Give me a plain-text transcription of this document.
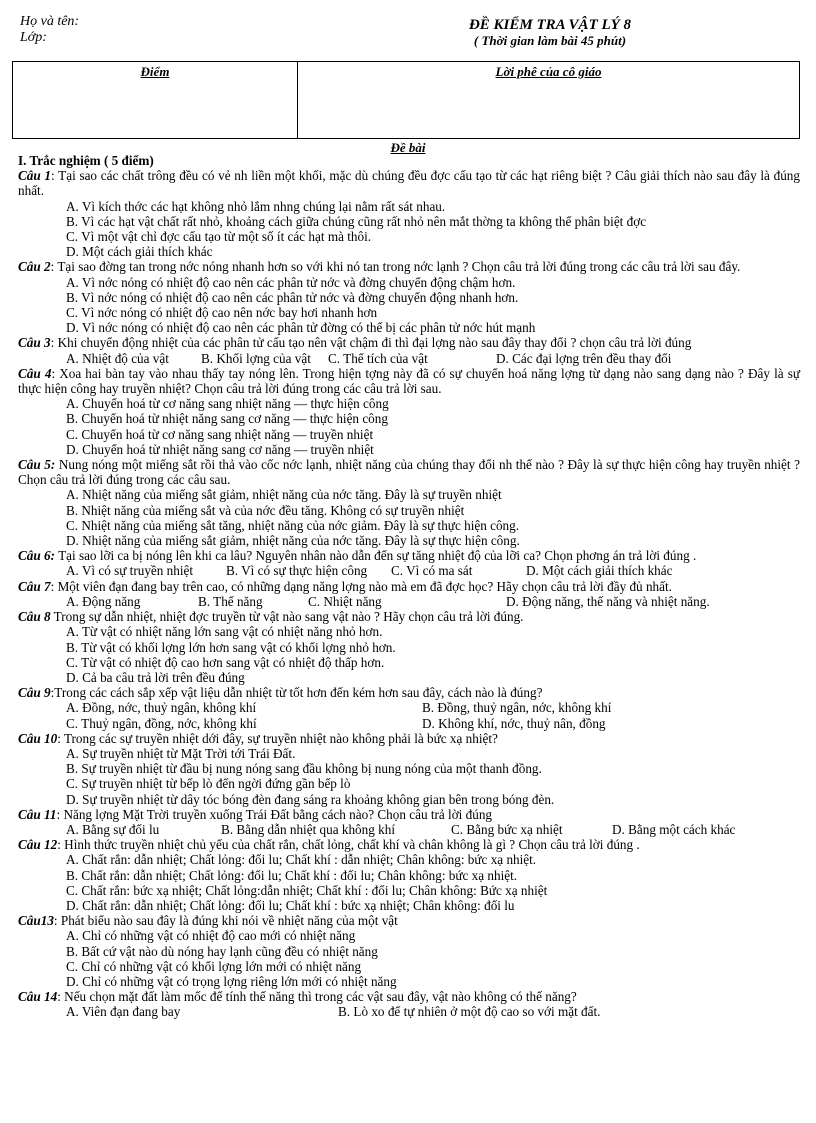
Họ và tên:
Lớp:
ĐỀ KIỂM TRA VẬT LÝ 8
( Thời gian làm bài 45 phút)
Điểm	Lời phê của cô giáo
Đề bài
I. Trắc nghiệm ( 5 điểm)
Câu 1: Tại sao các chất trông đều có vẻ nh liền một khối, mặc dù chúng đều đợc cấu tạo từ các hạt riêng biệt ? Câu giải thích nào sau đây là đúng nhất.
A. Vì kích thớc các hạt không nhỏ lắm nhng chúng lại nằm rất sát nhau.
B. Vì các hạt vật chất rất nhỏ, khoảng cách giữa chúng cũng rất nhỏ nên mắt thờng ta không thể phân biệt đợc
C. Vì một vật chỉ đợc cấu tạo từ một số ít các hạt mà thôi.
D. Một cách giải thích khác
Câu 2: Tại sao đờng tan trong nớc nóng nhanh hơn so với khi nó tan trong nớc lạnh ? Chọn câu trả lời đúng trong các câu trả lời sau đây.
A. Vì nớc nóng có nhiệt độ cao nên các phân tử nớc và đờng chuyển động chậm hơn.
B. Vì nớc nóng có nhiệt độ cao nên các phân tử nớc và đờng chuyển động nhanh hơn.
C. Vì nớc nóng có nhiệt độ cao nên nớc bay hơi nhanh hơn
D. Vì nớc nóng có nhiệt độ cao nên các phân tử đờng có thể bị các phân tử nớc hút mạnh
Câu 3: Khi chuyển động nhiệt của các phân tử cấu tạo nên vật chậm đi thì đại lợng nào sau đây thay đổi ? chọn câu trả lời đúng
A. Nhiệt độ của vật	B. Khối lợng của vật	C. Thể tích của vật	D. Các đại lợng trên đều thay đổi
Câu 4: Xoa hai bàn tay vào nhau thấy tay nóng lên. Trong hiện tợng này đã có sự chuyển hoá năng lợng từ dạng nào sang dạng nào ? Đây là sự thực hiện công hay truyền nhiệt? Chọn câu trả lời đúng trong các câu trả lời sau.
A. Chuyển hoá từ cơ năng sang nhiệt năng — thực hiện công
B. Chuyển hoá từ nhiệt năng sang cơ năng — thực hiện công
C. Chuyển hoá từ cơ năng sang nhiệt năng — truyền nhiệt
D. Chuyển hoá từ nhiệt năng sang cơ năng — truyền nhiệt
Câu 5: Nung nóng một miếng sắt rồi thả vào cốc nớc lạnh, nhiệt năng của chúng thay đổi nh thế nào ? Đây là sự thực hiện công hay truyền nhiệt ? Chọn câu trả lời đúng trong các câu sau.
A. Nhiệt năng của miếng sắt giảm, nhiệt năng của nớc tăng. Đây là sự truyền nhiệt
B. Nhiệt năng của miếng sắt và của nớc đều tăng. Không có sự truyền nhiệt
C. Nhiệt năng của miếng sắt tăng, nhiệt năng của nớc giảm. Đây là sự thực hiện công.
D. Nhiệt năng của miếng sắt giảm, nhiệt năng của nớc tăng. Đây là sự thực hiện công.
Câu 6: Tại sao lỡi ca bị nóng lên khi ca lâu? Nguyên nhân nào dẫn đến sự tăng nhiệt độ của lỡi ca? Chọn phơng án trả lời đúng .
A. Vì có sự truyền nhiệt	B. Vì có sự thực hiện công	C. Vì có ma sát	D. Một cách giải thích khác
Câu 7: Một viên đạn đang bay trên cao, có những dạng năng lợng nào mà em đã đợc học? Hãy chọn câu trả lời đầy đủ nhất.
A. Động năng	B. Thế năng	C. Nhiệt năng	D. Động năng, thế năng và nhiệt năng.
Câu 8 Trong sự dẫn nhiệt, nhiệt đợc truyền từ vật nào sang vật nào ? Hãy chọn câu trả lời đúng.
A. Từ vật có nhiệt năng lớn sang vật có nhiệt năng nhỏ hơn.
B. Từ vật có khối lợng lớn hơn sang vật có khối lợng nhỏ hơn.
C. Từ vật có nhiệt độ cao hơn sang vật có nhiệt độ thấp hơn.
D. Cả ba câu trả lời trên đều đúng
Câu 9:Trong các cách sắp xếp vật liệu dẫn nhiệt từ tốt hơn đến kém hơn sau đây, cách nào là đúng?
A. Đồng, nớc, thuỷ ngân, không khí	B. Đồng, thuỷ ngân, nớc, không khí
C. Thuỷ ngân, đồng, nớc, không khí	D. Không khí, nớc, thuỷ nân, đồng
Câu 10: Trong các sự truyền nhiệt dới đây, sự truyền nhiệt nào không phải là bức xạ nhiệt?
A. Sự truyền nhiệt từ Mặt Trời tới Trái Đất.
B. Sự truyền nhiệt từ đầu bị nung nóng sang đầu không bị nung nóng của một thanh đồng.
C. Sự truyền nhiệt từ bếp lò đến ngời đứng gần bếp lò
D. Sự truyền nhiệt từ dây tóc bóng đèn đang sáng ra khoảng không gian bên trong bóng đèn.
Câu 11: Năng lợng Mặt Trời truyền xuống Trái Đất bằng cách nào? Chọn câu trả lời đúng
A. Bằng sự đối lu	B. Bằng dẫn nhiệt qua không khí	C. Bằng bức xạ nhiệt	D. Bằng một cách khác
Câu 12: Hình thức truyền nhiệt chủ yếu của chất rắn, chất lỏng, chất khí và chân không là gì ? Chọn câu trả lời đúng .
A. Chất rắn: dẫn nhiệt; Chất lỏng: đối lu; Chất khí : dẫn nhiệt; Chân không: bức xạ nhiệt.
B. Chất rắn: dẫn nhiệt; Chất lỏng: đối lu; Chất khí : đối lu; Chân không: bức xạ nhiệt.
C. Chất rắn: bức xạ nhiệt; Chất lỏng:dẫn nhiệt; Chất khí : đối lu; Chân không: Bức xạ nhiệt
D. Chất rắn: dẫn nhiệt; Chất lỏng: đối lu; Chất khí : bức xạ nhiệt; Chân không: đối lu
Câu13: Phát biểu nào sau đây là đúng khi nói về nhiệt năng của một vật
A. Chỉ có những vật có nhiệt độ cao mới có nhiệt năng
B. Bất cứ vật nào dù nóng hay lạnh cũng đều có nhiệt năng
C. Chỉ có những vật có khối lợng lớn mới có nhiệt năng
D. Chỉ có những vật có trọng lợng riêng lớn mới có nhiệt năng
Câu 14: Nếu chọn mặt đất làm mốc để tính thế năng thì trong các vật sau đây, vật nào không có thế năng?
A. Viên đạn đang bay	B. Lò xo để tự nhiên ở một độ cao so với mặt đất.
